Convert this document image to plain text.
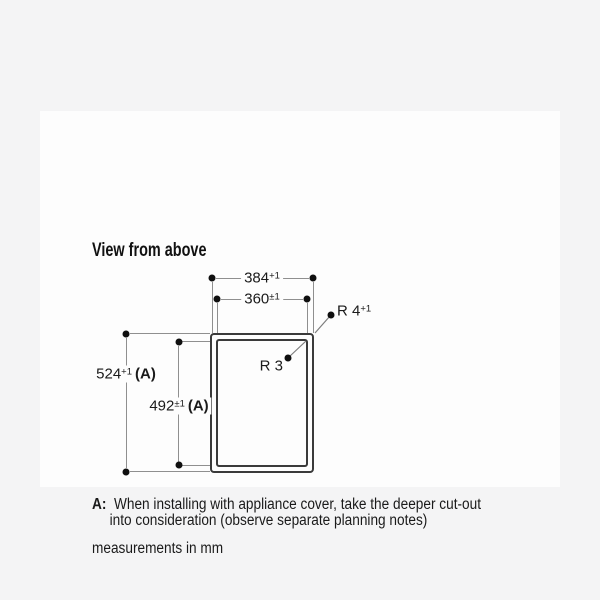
View from above
$384^{+1}$
$360^{\pm 1}$
$524^{+1}$ (A)
$492^{\pm 1}$ (A)
R $4^{+1}$
R 3
A: When installing with appliance cover, take the deeper cut-out
into consideration (observe separate planning notes)
measurements in mm
